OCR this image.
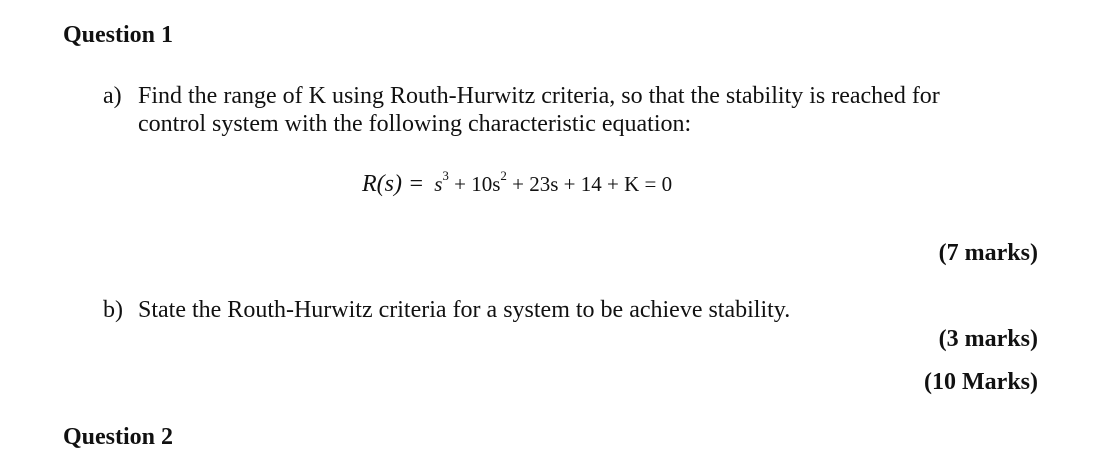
Question 1
a) Find the range of K using Routh-Hurwitz criteria, so that the stability is reached for
control system with the following characteristic equation:
$R(s) = s^3 + 10s^2 + 23s + 14 + K = 0$
(7 marks)
b) State the Routh-Hurwitz criteria for a system to be achieve stability.
(3 marks)
(10 Marks)
Question 2
